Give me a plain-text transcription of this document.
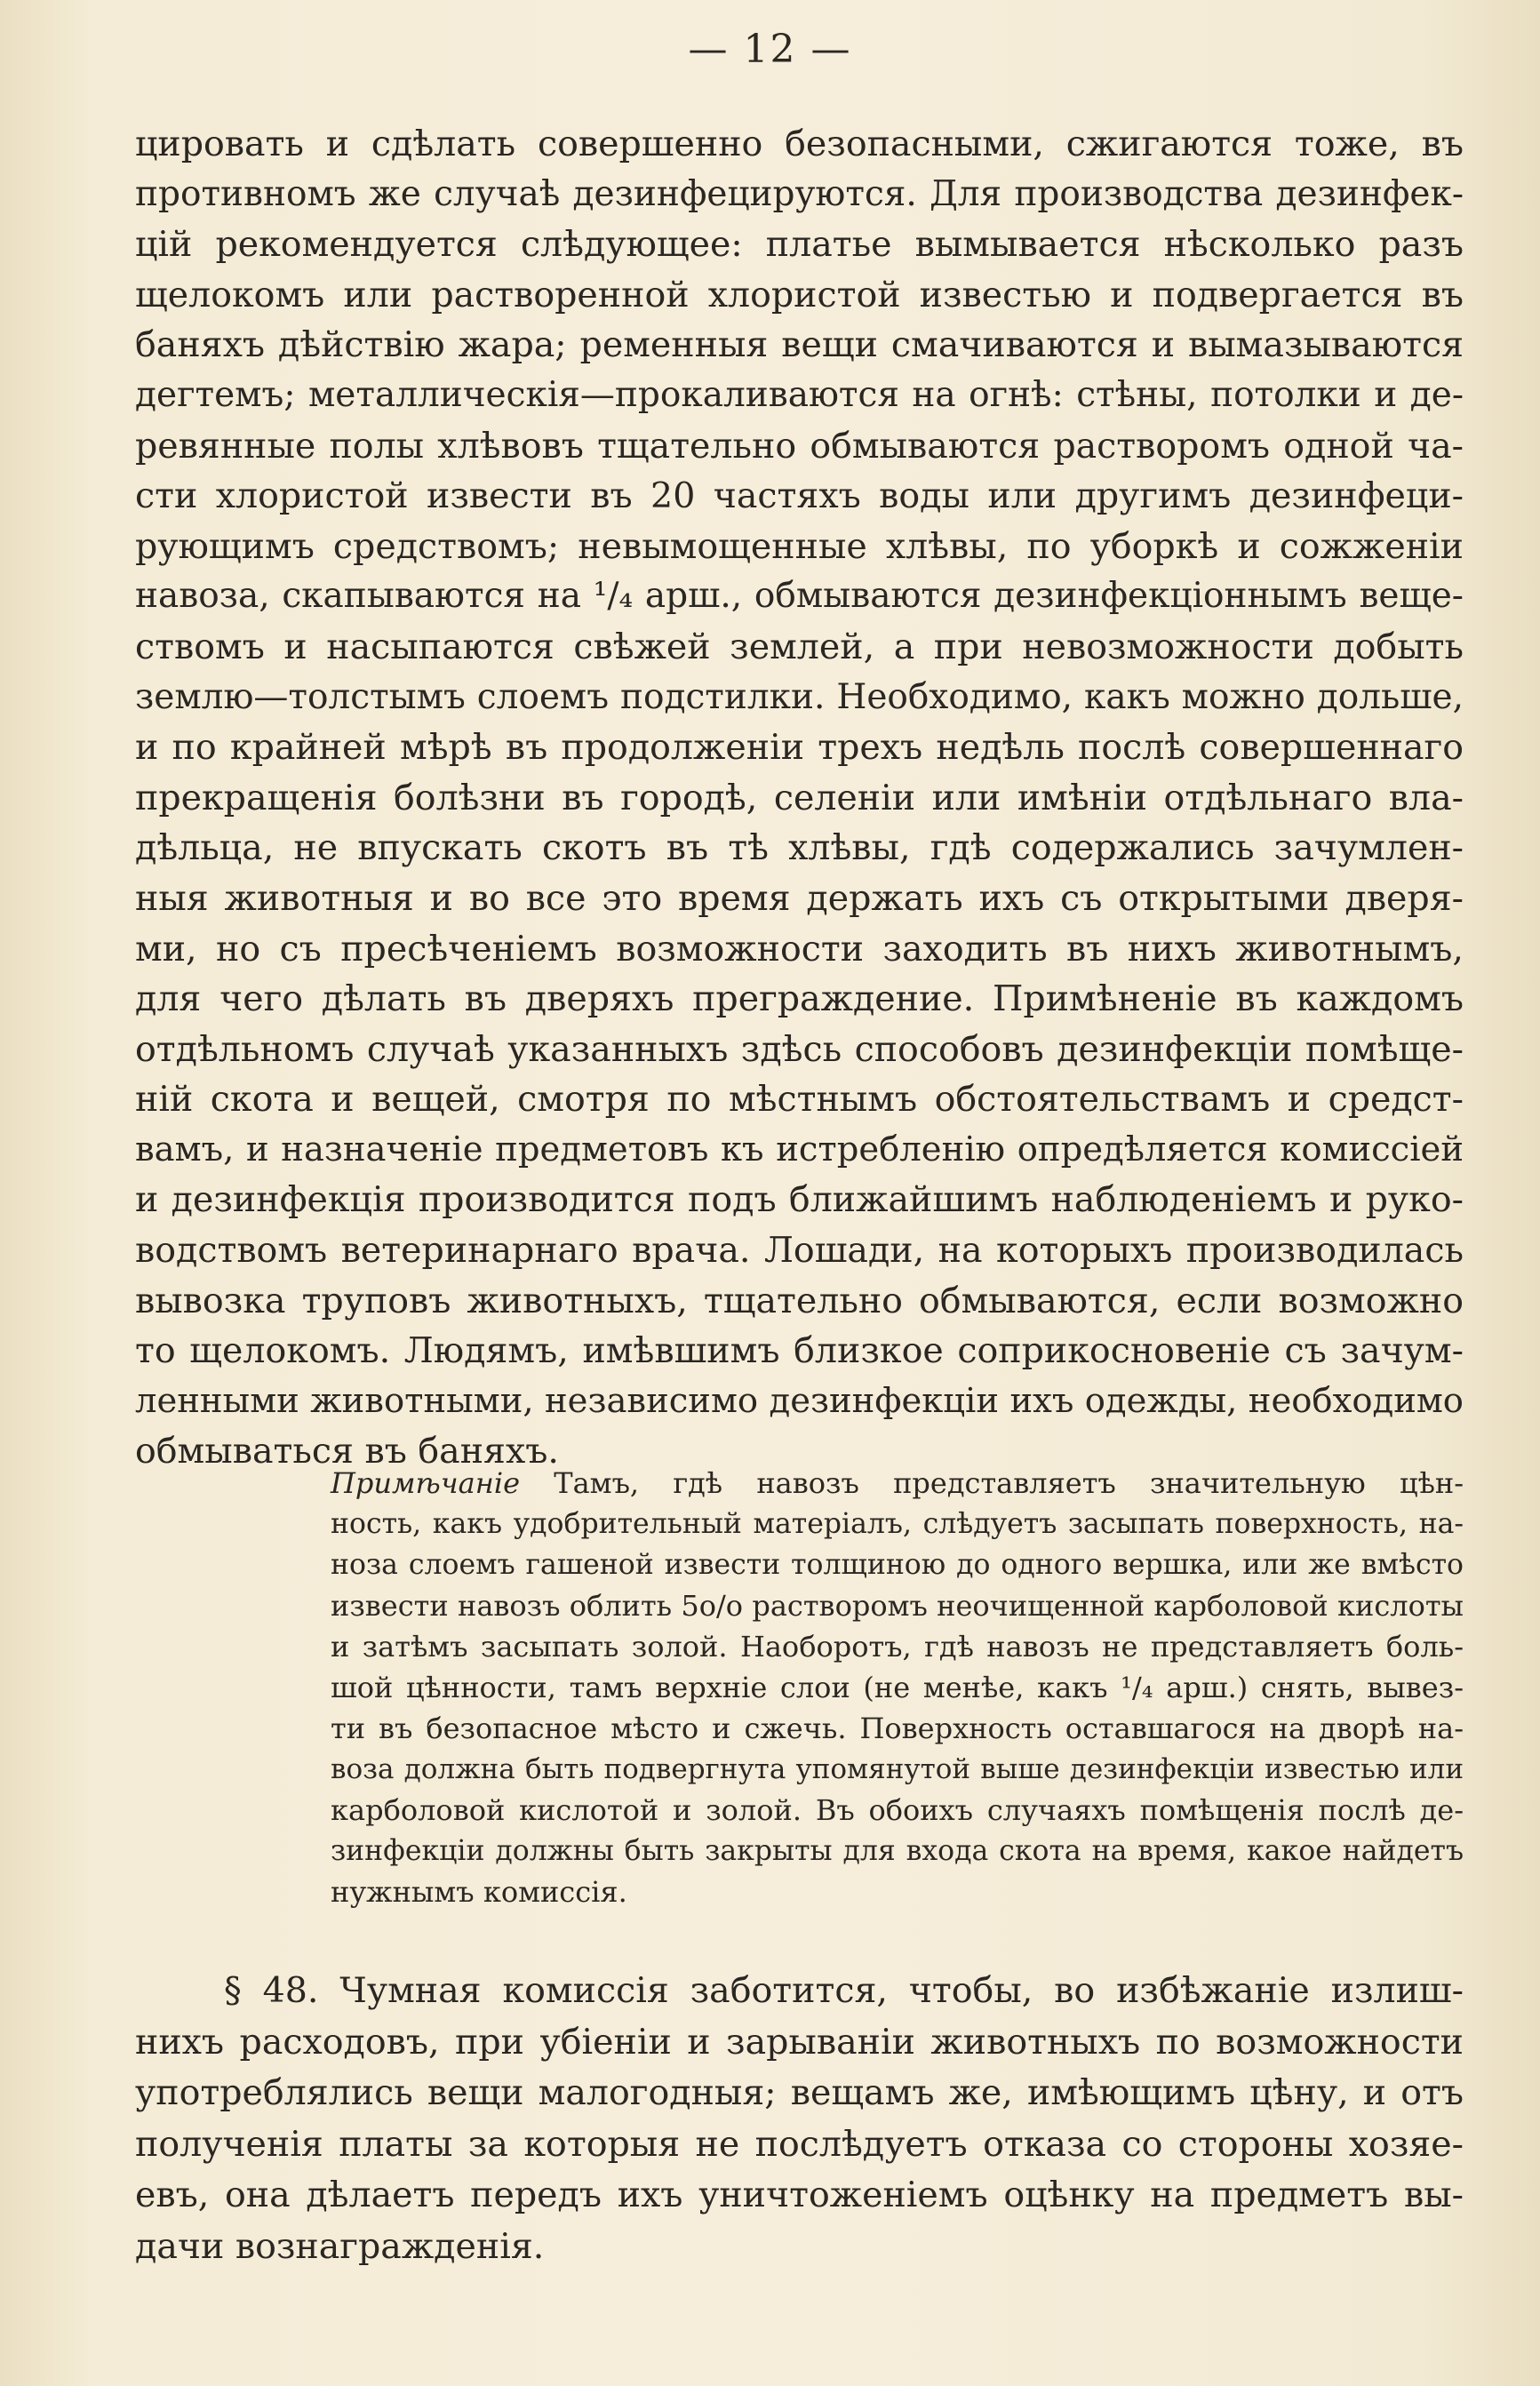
— 12 —
цировать и сдѣлать совершенно безопасными, сжигаются тоже, въ
противномъ же случаѣ дезинфецируются. Для производства дезинфек-
цій рекомендуется слѣдующее: платье вымывается нѣсколько разъ
щелокомъ или растворенной хлористой известью и подвергается въ
баняхъ дѣйствію жара; ременныя вещи смачиваются и вымазываются
дегтемъ; металлическія—прокаливаются на огнѣ: стѣны, потолки и де-
ревянные полы хлѣвовъ тщательно обмываются растворомъ одной ча-
сти хлористой извести въ 20 частяхъ воды или другимъ дезинфеци-
рующимъ средствомъ; невымощенные хлѣвы, по уборкѣ и сожженіи
навоза, скапываются на ¹/₄ арш., обмываются дезинфекціоннымъ веще-
ствомъ и насыпаются свѣжей землей, а при невозможности добыть
землю—толстымъ слоемъ подстилки. Необходимо, какъ можно дольше,
и по крайней мѣрѣ въ продолженіи трехъ недѣль послѣ совершеннаго
прекращенія болѣзни въ городѣ, селеніи или имѣніи отдѣльнаго вла-
дѣльца, не впускать скотъ въ тѣ хлѣвы, гдѣ содержались зачумлен-
ныя животныя и во все это время держать ихъ съ открытыми двеpя-
ми, но съ пресѣченіемъ возможности заходить въ нихъ животнымъ,
для чего дѣлать въ дверяхъ преграждение. Примѣненіе въ каждомъ
отдѣльномъ случаѣ указанныхъ здѣсь способовъ дезинфекціи помѣще-
ній скота и вещей, смотря по мѣстнымъ обстоятельствамъ и средст-
вамъ, и назначеніе предметовъ къ истребленію опредѣляется комиссіей
и дезинфекція производится подъ ближайшимъ наблюденіемъ и руко-
водствомъ ветеринарнаго врача. Лошади, на которыхъ производилась
вывозка труповъ животныхъ, тщательно обмываются, если возможно
то щелокомъ. Людямъ, имѣвшимъ близкое соприкосновеніе съ зачум-
ленными животными, независимо дезинфекціи ихъ одежды, необходимо
обмываться въ баняхъ.
Примѣчаніе Тамъ, гдѣ навозъ представляетъ значительную цѣн-
ность, какъ удобрительный матеріалъ, слѣдуетъ засыпать поверхность, на-
ноза слоемъ гашеной извести толщиною до одного вершка, или же вмѣсто
извести навозъ облить 5o/o растворомъ неочищенной карболовой кислоты
и затѣмъ засыпать золой. Наоборотъ, гдѣ навозъ не представляетъ боль-
шой цѣнности, тамъ верхніе слои (не менѣе, какъ ¹/₄ арш.) снять, вывез-
ти въ безопасное мѣсто и сжечь. Поверхность оставшагося на дворѣ на-
воза должна быть подвергнута упомянутой выше дезинфекціи известью или
карболовой кислотой и золой. Въ обоихъ случаяхъ помѣщенія послѣ де-
зинфекціи должны быть закрыты для входа скота на время, какое найдетъ
нужнымъ комиссія.
§ 48. Чумная комиссія заботится, чтобы, во избѣжаніе излиш-
нихъ расходовъ, при убіеніи и зарываніи животныхъ по возможности
употреблялись вещи малогодныя; вещамъ же, имѣющимъ цѣну, и отъ
полученія платы за которыя не послѣдуетъ отказа со стороны хозяе-
евъ, она дѣлаетъ передъ ихъ уничтоженіемъ оцѣнку на предметъ вы-
дачи вознагражденія.
